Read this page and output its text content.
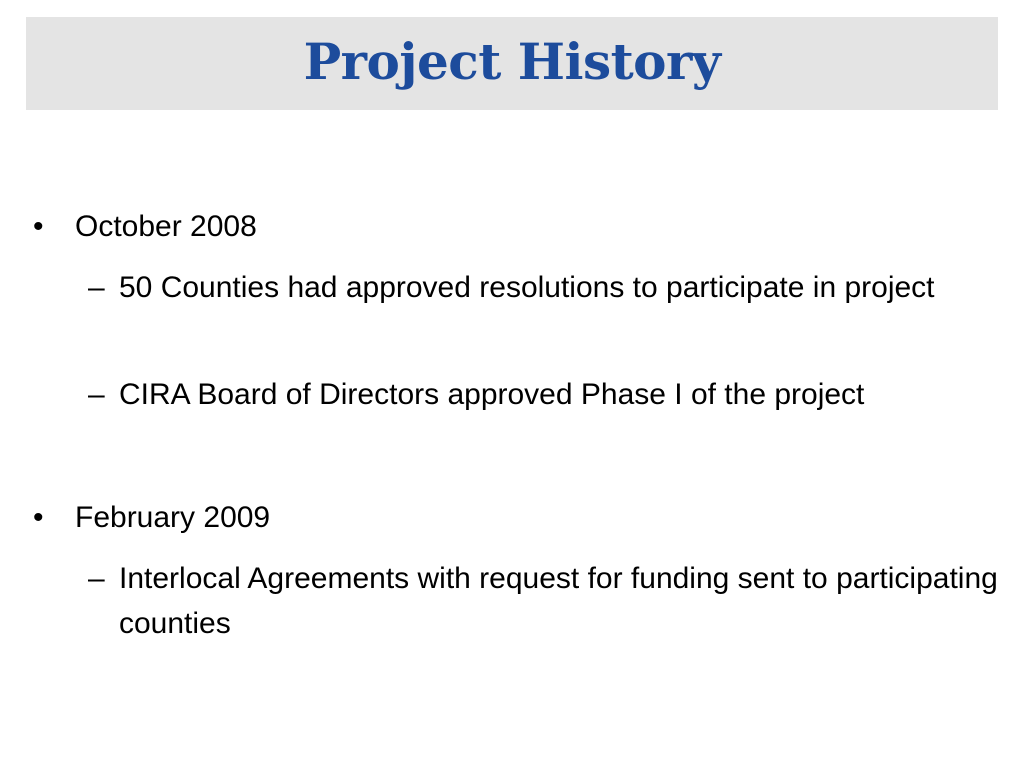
Project History
• October 2008
– 50 Counties had approved resolutions to participate in project
– CIRA Board of Directors approved Phase I of the project
• February 2009
– Interlocal Agreements with request for funding sent to participating counties
